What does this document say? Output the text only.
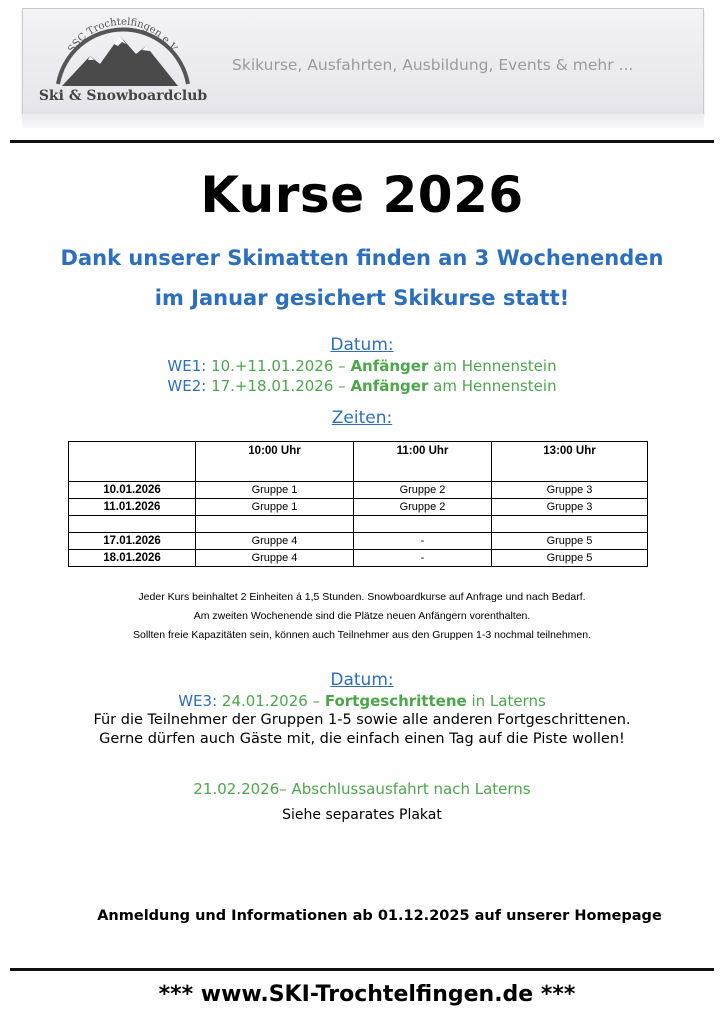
SSC Trochtelfingen e.V.
Ski & Snowboardclub
Skikurse, Ausfahrten, Ausbildung, Events & mehr ...
Kurse 2026
Dank unserer Skimatten finden an 3 Wochenenden
im Januar gesichert Skikurse statt!
Datum:
WE1: 10.+11.01.2026 – Anfänger am Hennenstein
WE2: 17.+18.01.2026 – Anfänger am Hennenstein
Zeiten:
	10:00 Uhr	11:00 Uhr	13:00 Uhr
10.01.2026	Gruppe 1	Gruppe 2	Gruppe 3
11.01.2026	Gruppe 1	Gruppe 2	Gruppe 3

17.01.2026	Gruppe 4	-	Gruppe 5
18.01.2026	Gruppe 4	-	Gruppe 5
Jeder Kurs beinhaltet 2 Einheiten á 1,5 Stunden. Snowboardkurse auf Anfrage und nach Bedarf.
Am zweiten Wochenende sind die Plätze neuen Anfängern vorenthalten.
Sollten freie Kapazitäten sein, können auch Teilnehmer aus den Gruppen 1-3 nochmal teilnehmen.
Datum:
WE3: 24.01.2026 – Fortgeschrittene in Laterns
Für die Teilnehmer der Gruppen 1-5 sowie alle anderen Fortgeschrittenen.
Gerne dürfen auch Gäste mit, die einfach einen Tag auf die Piste wollen!
21.02.2026– Abschlussausfahrt nach Laterns
Siehe separates Plakat
Anmeldung und Informationen ab 01.12.2025 auf unserer Homepage
*** www.SKI-Trochtelfingen.de ***
